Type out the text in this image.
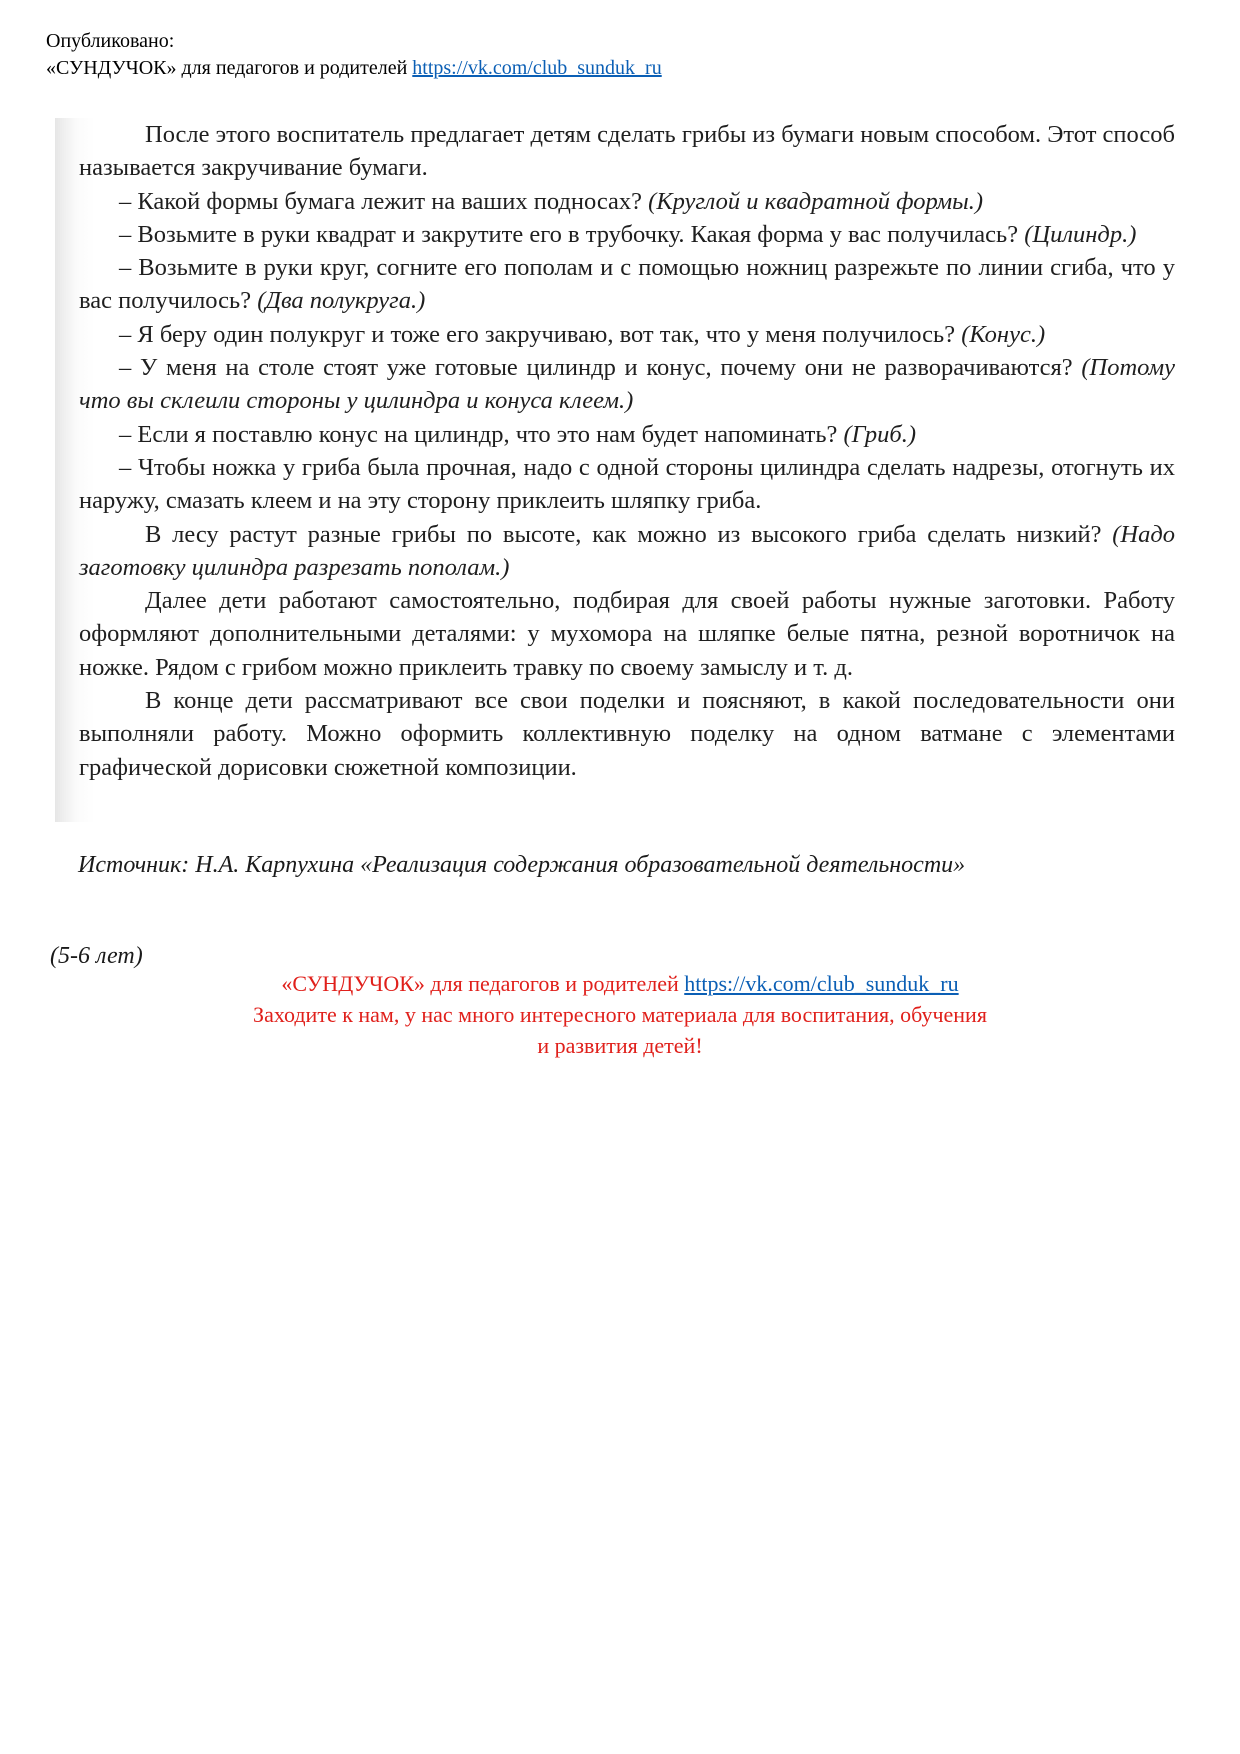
Опубликовано:
«СУНДУЧОК» для педагогов и родителей https://vk.com/club_sunduk_ru

После этого воспитатель предлагает детям сделать грибы из бумаги новым способом. Этот способ называется закручивание бумаги.

– Какой формы бумага лежит на ваших подносах? (Круглой и квадратной формы.)

– Возьмите в руки квадрат и закрутите его в трубочку. Какая форма у вас получилась? (Цилиндр.)

– Возьмите в руки круг, согните его пополам и с помощью ножниц разрежьте по линии сгиба, что у вас получилось? (Два полукруга.)

– Я беру один полукруг и тоже его закручиваю, вот так, что у меня получилось? (Конус.)

– У меня на столе стоят уже готовые цилиндр и конус, почему они не разворачиваются? (Потому что вы склеили стороны у цилиндра и конуса клеем.)

– Если я поставлю конус на цилиндр, что это нам будет напоминать? (Гриб.)

– Чтобы ножка у гриба была прочная, надо с одной стороны цилиндра сделать надрезы, отогнуть их наружу, смазать клеем и на эту сторону приклеить шляпку гриба.

В лесу растут разные грибы по высоте, как можно из высокого гриба сделать низкий? (Надо заготовку цилиндра разрезать пополам.)

Далее дети работают самостоятельно, подбирая для своей работы нужные заготовки. Работу оформляют дополнительными деталями: у мухомора на шляпке белые пятна, резной воротничок на ножке. Рядом с грибом можно приклеить травку по своему замыслу и т. д.

В конце дети рассматривают все свои поделки и поясняют, в какой последовательности они выполняли работу. Можно оформить коллективную поделку на одном ватмане с элементами графической дорисовки сюжетной композиции.

Источник: Н.А. Карпухина «Реализация содержания образовательной деятельности»
(5-6 лет)
«СУНДУЧОК» для педагогов и родителей https://vk.com/club_sunduk_ru
Заходите к нам, у нас много интересного материала для воспитания, обучения
и развития детей!
